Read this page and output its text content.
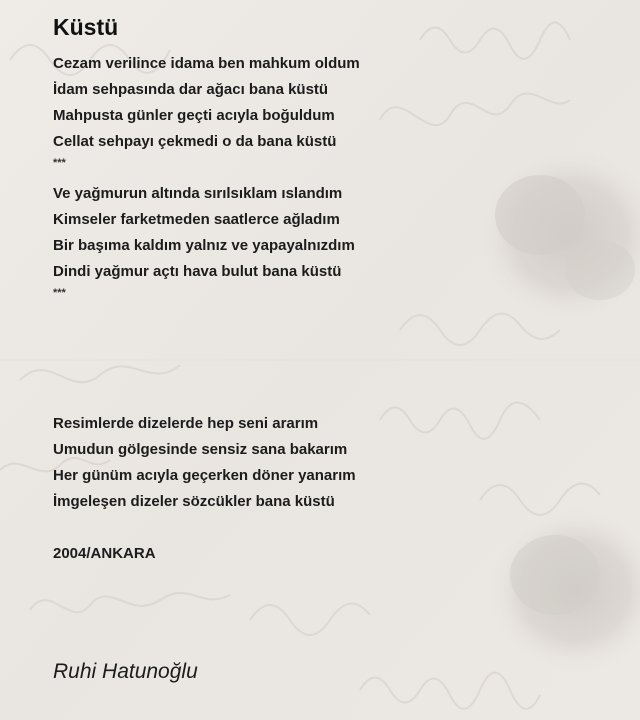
Küstü
Cezam verilince idama ben mahkum oldum
İdam sehpasında dar ağacı bana küstü
Mahpusta günler geçti acıyla boğuldum
Cellat sehpayı çekmedi o da bana küstü
***
Ve yağmurun altında sırılsıklam ıslandım
Kimseler farketmeden saatlerce ağladım
Bir başıma kaldım yalnız ve yapayalnızdım
Dindi yağmur açtı hava bulut bana küstü
***
Resimlerde dizelerde hep seni ararım
Umudun gölgesinde sensiz sana bakarım
Her günüm acıyla geçerken döner yanarım
İmgeleşen dizeler sözcükler bana küstü

2004/ANKARA

Ruhi Hatunoğlu
